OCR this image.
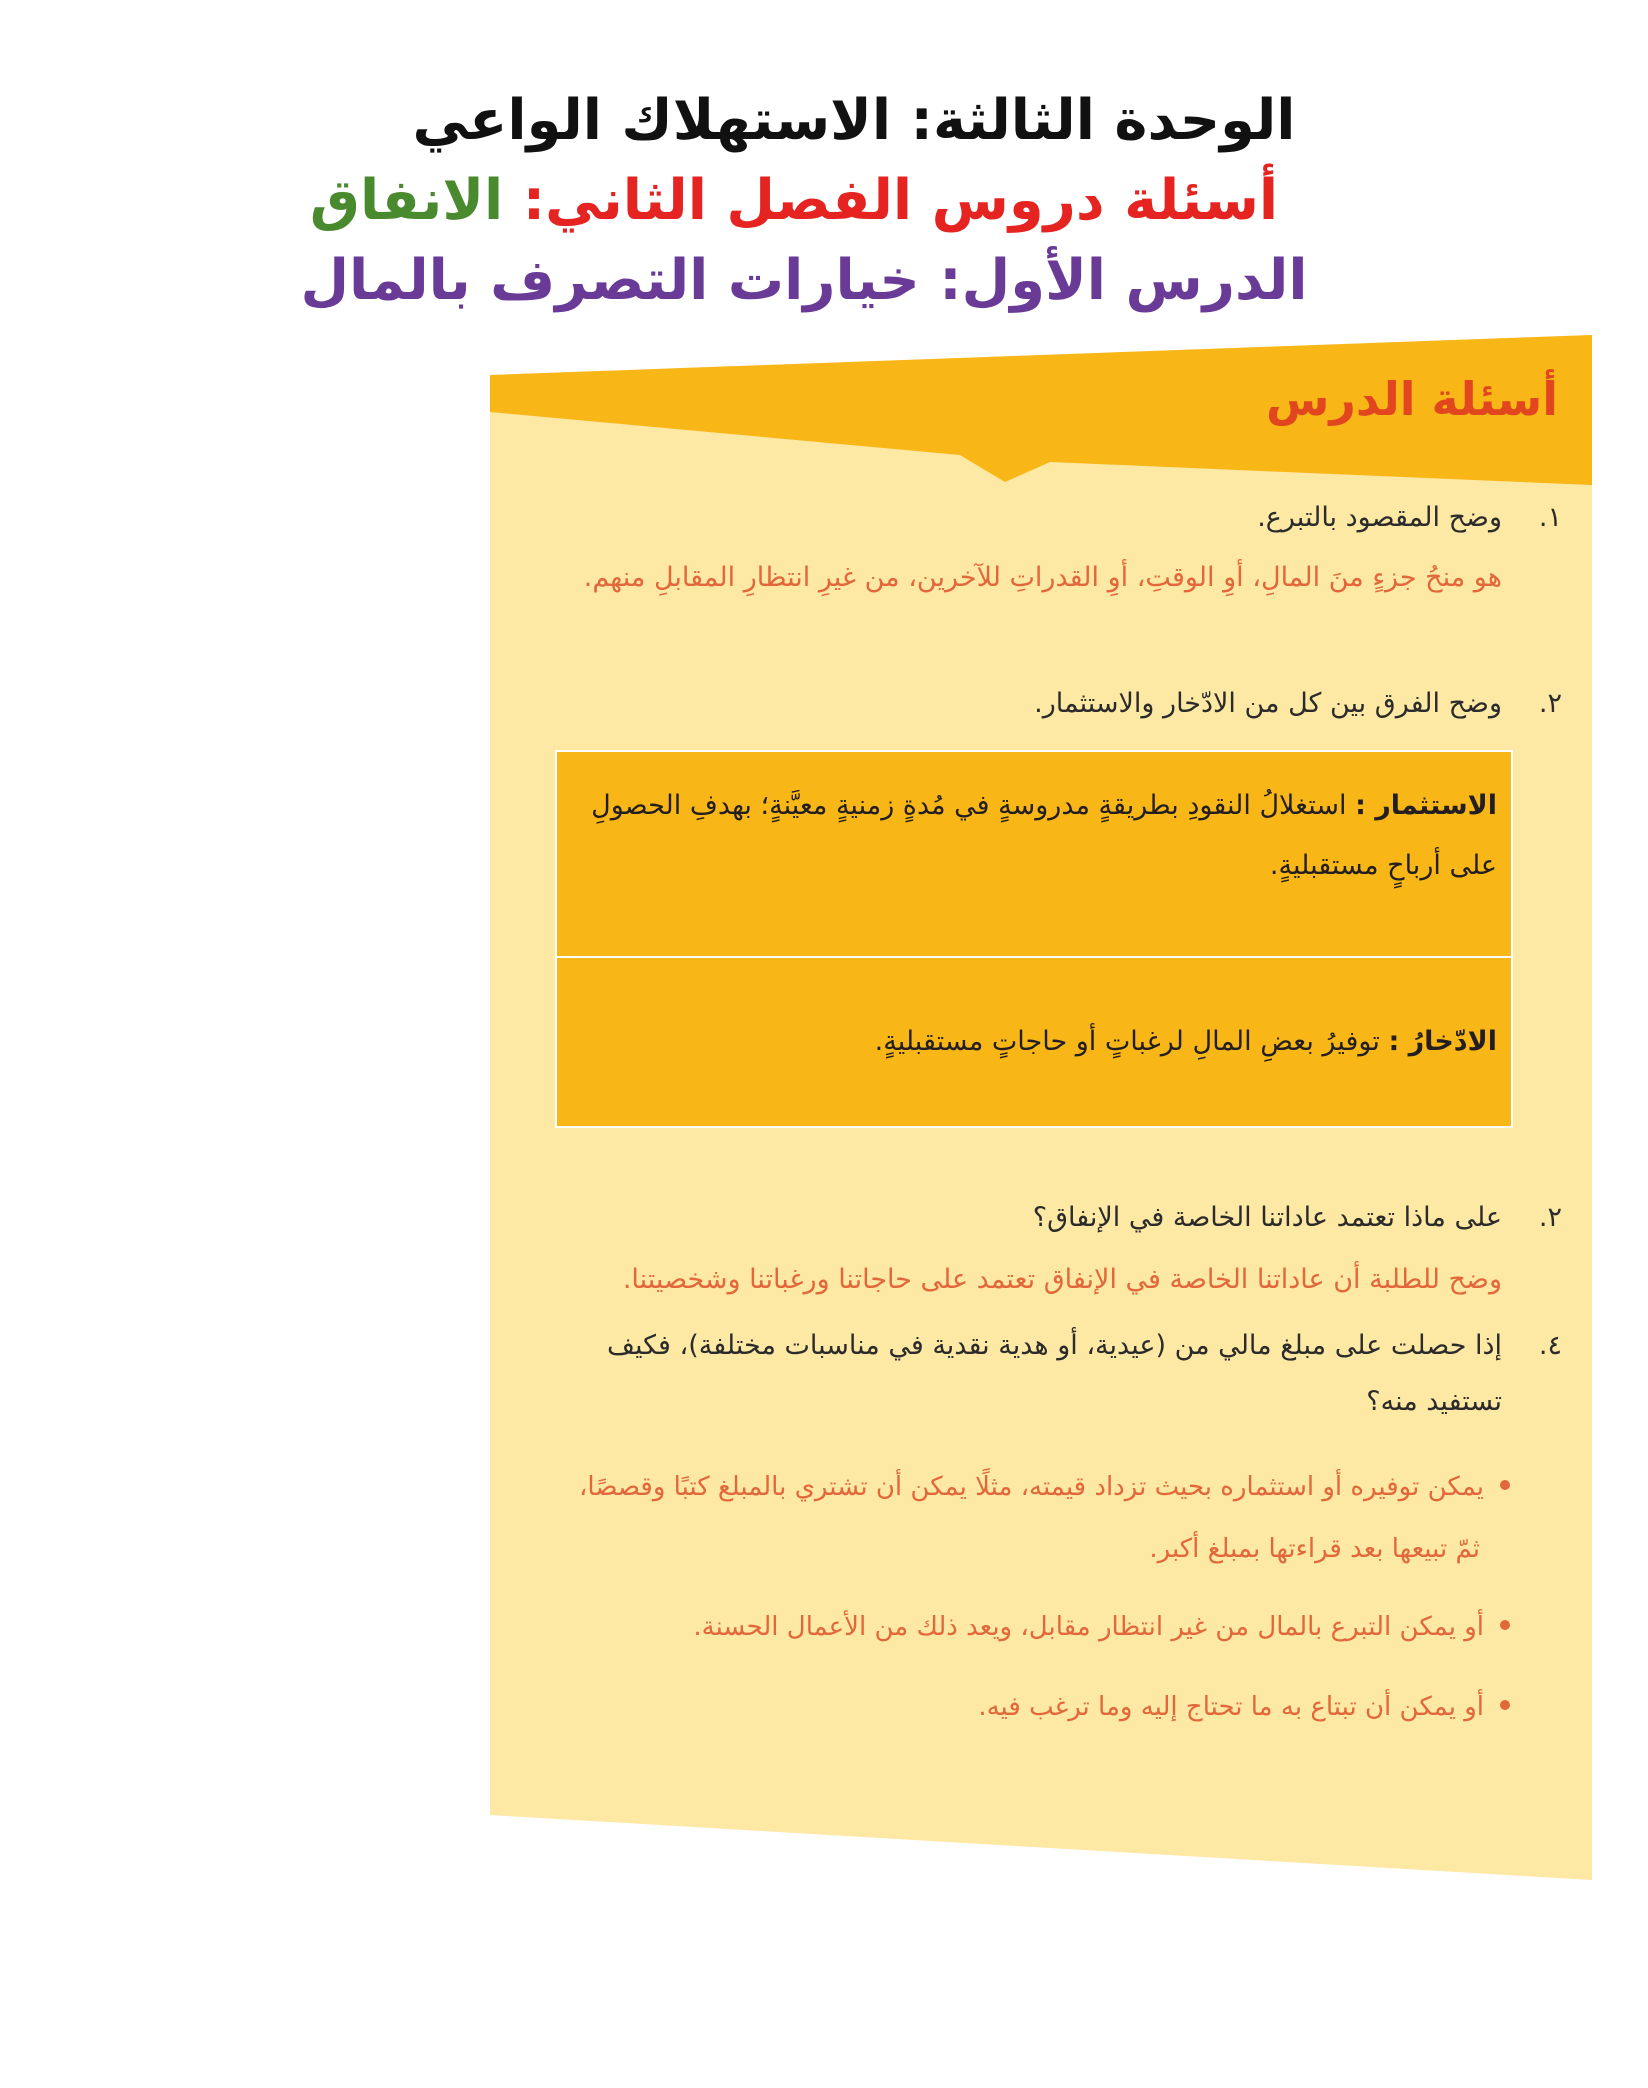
الوحدة الثالثة: الاستهلاك الواعي
أسئلة دروس الفصل الثاني: الانفاق
الدرس الأول: خيارات التصرف بالمال
أسئلة الدرس
١.
وضح المقصود بالتبرع.
هو منحُ جزءٍ منَ المالِ، أوِ الوقتِ، أوِ القدراتِ للآخرين، من غيرِ انتظارِ المقابلِ منهم.
٢.
وضح الفرق بين كل من الادّخار والاستثمار.
الاستثمار : استغلالُ النقودِ بطريقةٍ مدروسةٍ في مُدةٍ زمنيةٍ معيَّنةٍ؛ بهدفِ الحصولِ
على أرباحٍ مستقبليةٍ.
الادّخارُ : توفيرُ بعضِ المالِ لرغباتٍ أو حاجاتٍ مستقبليةٍ.
٢.
على ماذا تعتمد عاداتنا الخاصة في الإنفاق؟
وضح للطلبة أن عاداتنا الخاصة في الإنفاق تعتمد على حاجاتنا ورغباتنا وشخصيتنا.
٤.
إذا حصلت على مبلغ مالي من (عيدية، أو هدية نقدية في مناسبات مختلفة)، فكيف
تستفيد منه؟
يمكن توفيره أو استثماره بحيث تزداد قيمته، مثلًا يمكن أن تشتري بالمبلغ كتبًا وقصصًا،
ثمّ تبيعها بعد قراءتها بمبلغ أكبر.
أو يمكن التبرع بالمال من غير انتظار مقابل، ويعد ذلك من الأعمال الحسنة.
أو يمكن أن تبتاع به ما تحتاج إليه وما ترغب فيه.
